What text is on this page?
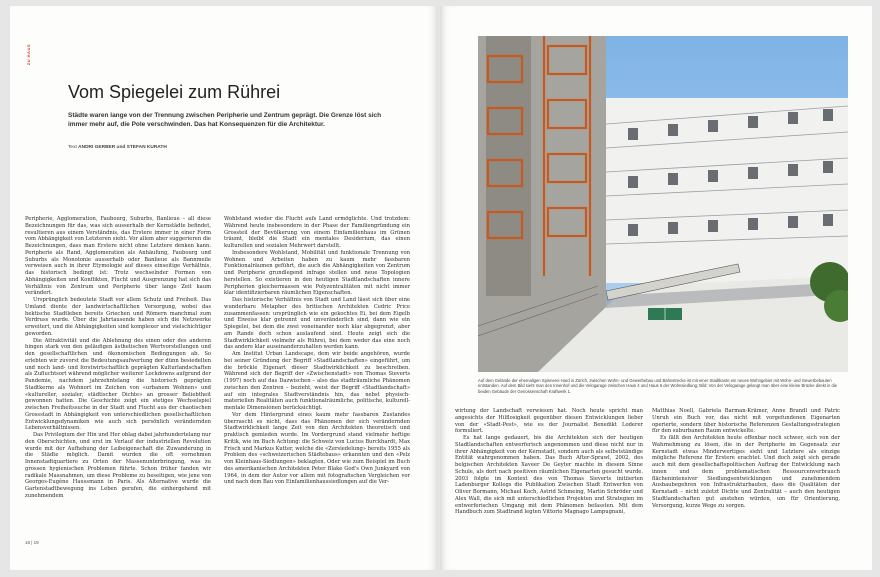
ZU HAUS
Vom Spiegelei zum Rührei
Städte waren lange von der Trennung zwischen Peripherie und Zentrum geprägt. Die Grenze löst sich immer mehr auf, die Pole verschwinden. Das hat Konsequenzen für die Architektur.
Text ANDRI GERBER und STEFAN KURATH

Peripherie, Agglomeration, Faubourg, Suburbs, Banlieue – all diese Bezeichnungen für das, was sich ausserhalb der Kernstädte befindet, resultieren aus einem Verständnis, das Erstere immer in einer Form vom Abhängigkeit von Letzteren sieht. Vor allem aber suggerieren die Bezeichnungen, dass man Erstere nicht ohne Letztere denken kann. Peripherie als Rand, Agglomeration als Anhäufung, Faubourg und Suburbs als Monotonie ausserhalb oder Banlieue als Bannmeile verweisen auch in ihrer Etymologie auf dieses einseitige Verhältnis, das historisch bedingt ist: Trotz wechselnder Formen von Abhängigkeiten und Konflikten, Flucht und Ausgrenzung hat sich das Verhältnis von Zentrum und Peripherie über lange Zeit kaum verändert.

Ursprünglich bedeutete Stadt vor allem Schutz und Freiheit. Das Umland diente der landwirtschaftlichen Versorgung, wobei das hektische Stadtleben bereits Griechen und Römern manchmal zum Verdruss wurde. Über die Jahrtausende haben sich die Netzwerke erweitert, und die Abhängigkeiten sind komplexer und vielschichtiger geworden.

Die Attraktivität und die Ablehnung des einen oder des anderen hingen stark von den geläufigen ästhetischen Wertvorstellungen und den gesellschaftlichen und ökonomischen Bedingungen ab. So erlebten wir zuvorst die Bedeutungsaufwertung der dünn besiedelten und noch land- und forstwirtschaftlich geprägten Kulturlandschaften als Zufluchtsort während möglicher weiterer Lockdowns aufgrund der Pandemie, nachdem jahrzehntelang die historisch geprägten Stadtkerne als Wohnort im Zeichen von «urbanem Wohnen» und «kultureller, sozialer, städtischer Dichte» an grosser Beliebtheit gewonnen hatten. Die Geschichte zeigt ein stetiges Wechselspiel zwischen Freiheitssuche in der Stadt und Flucht aus der chaotischen Grossstadt in Abhängigkeit von unterschiedlichen gesellschaftlichen Entwicklungsdynamiken wie auch sich persönlich verändernden Lebensverhältnissen.

Das Privilegium der Hin und Her oblag dabei jahrhundertelang nur den Oberschichten, und erst im Verlauf der industriellen Revolution wurde mit der Aufhebung der Leibeigenschaft die Zuwanderung in die Städte möglich. Damit wurden die oft vornehmen Innenstadtquartiere zu Orten der Massenunterbringung, was zu grossen hygienischen Problemen führte. Schon früher fanden wir radikale Massnahmen, um diese Probleme zu beseitigen, wie jene von Georges-Eugène Haussmann in Paris. Als Alternative wurde die Gartenstadtbewegung ins Leben gerufen, die einhergehend mit zunehmendem

Wohlstand wieder die Flucht aufs Land ermöglichte. Und trotzdem: Während heute insbesondere in der Phase der Familiengründung ein Grossteil der Bevölkerung von einem Einfamilienhaus im Grünen träumt, bleibt die Stadt ein mentales Desiderium, das einen kulturellen und sozialen Mehrwert darstellt.

Insbesondere Wohlstand, Mobilität und funktionale Trennung von Wohnen und Arbeiten haben zu kaum mehr fassbaren Funktionalräumen geführt, die auch die Abhängigkeiten von Zentrum und Peripherie grundlegend infrage stellen und neue Topologien herstellen. So existieren in den heutigen Stadtlandschaften innere Peripherien gleichermassen wie Polyzentralitäten mit nicht immer klar identifizierbaren räumlichen Eigenschaften.

Das historische Verhältnis von Stadt und Land lässt sich über eine wunderbare Metapher des britischen Architekten Cedric Price zusammenfassen: ursprünglich wie ein gekochtes Ei, bei dem Eigelb und Eiweiss klar getrennt und unveränderlich sind, dann wie ein Spiegelei, bei dem die zwei voneinander noch klar abgegrenzt, aber am Rande doch schon auslaufend sind. Heute zeigt sich die Stadtwirklichkeit vielmehr als Rührei, bei dem weder das eine noch das andere klar auseinanderzuhalten werden kann.

Am Institut Urban Landscape, dem wir beide angehören, wurde bei seiner Gründung der Begriff «Stadtlandschaften» eingeführt, um die bröckle Eigenart dieser Stadtwirklichkeit zu beschreiben. Während sich der Begriff der «Zwischenstadt» von Thomas Sieverts (1997) noch auf das Dazwischen – also das stadträumliche Phänomen zwischen den Zentren – bezieht, weist der Begriff «Stadtlandschaft» auf ein integrales Stadtverständnis hin, das nebst physisch-materiellen Realitäten auch funktionalräumliche, politische, kulturell-mentale Dimensionen berücksichtigt.

Vor dem Hintergrund eines kaum mehr fassbaren Zustandes überrascht es nicht, dass das Phänomen der sich verändernden Stadtwirklichkeit lange Zeit von den Architekten theoretisch und praktisch gemieden wurde. Im Vordergrund stand vielmehr heftige Kritik, wie im Buch Achtung: die Schweiz von Lucius Burckhardt, Max Frisch und Markus Kutter, welche die «Zersiedelung» bereits 1955 als Problem des «schweizerischen Städtebaus» erkannten und den «Pelz von Kleinhaus-Siedlungen» beklagten. Oder wie zum Beispiel im Buch des amerikanischen Architekten Peter Blake God's Own Junkyard von 1964, in dem der Autor vor allem mit fotografischen Vergleichen vor und nach dem Bau von Einfamilienhaussiedlungen auf die Ver-

18 | 19
Auf dem Gelände der ehemaligen Spinnerei Hard in Zürich, zwischen Wohn- und Gewerbebau und Bahnstrecke ist mit einer Stadtkante ein neues Wohngebiet mit Wohn- und Gewerbebauten entstanden. Auf dem Bild sieht man den Innenhof und die Velogarage zwischen Haus 4 und Haus 6 der Wohnsiedlung; Bild: Von der Velogarage gelangt man über eine kleine Brücke direkt in die beiden Gebäude der Genossenschaft Kraftwerk 1.

wirtung der Landschaft verwiesen hat. Noch heute spricht man angesichts der Hilflosigkeit gegenüber diesen Entwicklungen lieber von der «Stadt-Pest», wie es der Journalist Benedikt Loderer formuliert.

Es hat lange gedauert, bis die Architekten sich der heutigen Stadtlandschaften entwerferisch angenommen und diese nicht nur in ihrer Abhängigkeit von der Kernstadt, sondern auch als selbstständige Entität wahrgenommen haben. Das Buch After-Sprawl, 2002, des belgischen Architekten Xaveer De Geyter machte in diesem Sinne Schule, als dort nach positiven räumlichen Eigenarten gesucht wurde. 2003 folgte im Kontext des von Thomas Sieverts initiierten Ladenburger Kollegs die Publikation Zwischen Stadt Entwerfen von Oliver Bormann, Michael Koch, Astrid Schmeing, Martin Schröder und Alex Wall, die sich mit unterschiedlichen Projekten und Strategien im entwerferischen Umgang mit dem Phänomen befassten. Mit dem Handbuch zum Stadtrand legten Vittorio Magnago Lampugnani,

Matthias Noell, Gabriela Barman-Krämer, Anne Brandl und Patric Unruh ein Buch vor, das nicht mit vorgefundenen Eigenarten operierte, sondern über historische Referenzen Gestaltungsstrategien für den suburbanen Raum entwickelte.

Es fällt den Architekten heute offenbar noch schwer, sich von der Wahrnehmung zu lösen, die in der Peripherie im Gegensatz zur Kernstadt etwas Minderwertiges sieht und Letztere als einzige mögliche Referenz für Erstere erachtet. Und doch zeigt sich gerade auch mit dem gesellschaftspolitischen Auftrag der Entwicklung nach innen und dem problematischen Ressourcenverbrauch flächenintensiver Siedlungsentwicklungen und zunehmendem Ausbaubegehren von Infrastrukturbauten, dass die Qualitäten der Kernstadt – nicht zuletzt Dichte und Zentralität – auch den heutigen Stadtlandschaften gut anstehen würden, um für Orientierung, Versorgung, kurze Wege zu sorgen.
